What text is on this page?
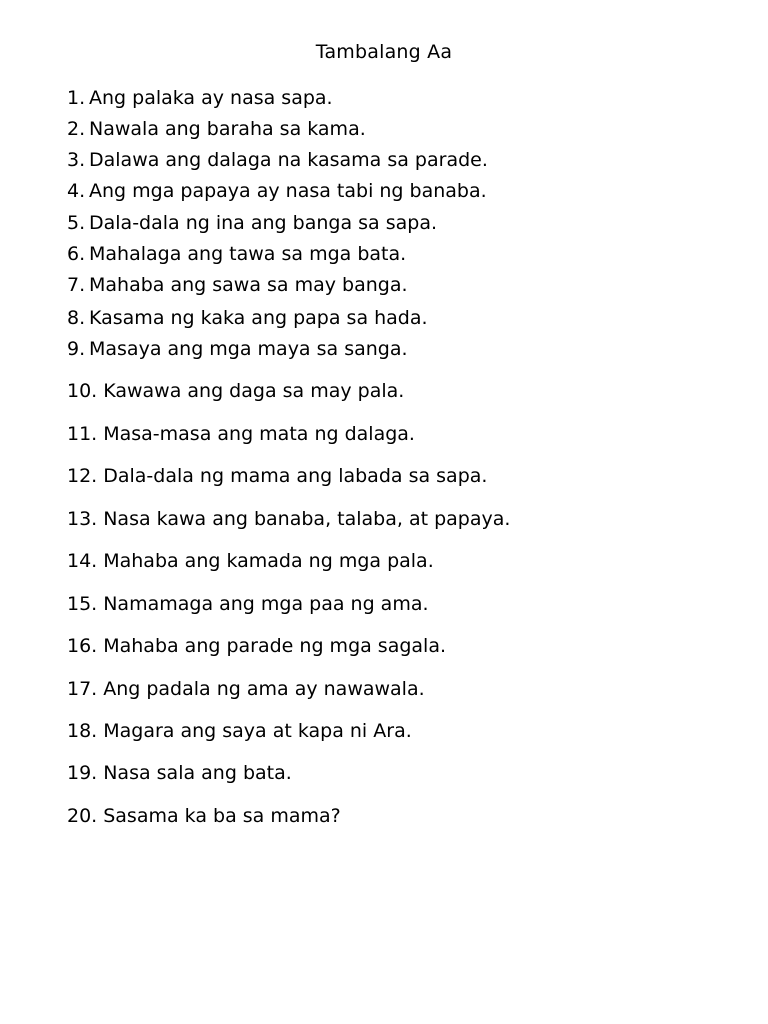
Tambalang Aa
1. Ang palaka ay nasa sapa.
2. Nawala ang baraha sa kama.
3. Dalawa ang dalaga na kasama sa parade.
4. Ang mga papaya ay nasa tabi ng banaba.
5. Dala-dala ng ina ang banga sa sapa.
6. Mahalaga ang tawa sa mga bata.
7. Mahaba ang sawa sa may banga.
8. Kasama ng kaka ang papa sa hada.
9. Masaya ang mga maya sa sanga.
10. Kawawa ang daga sa may pala.
11. Masa-masa ang mata ng dalaga.
12. Dala-dala ng mama ang labada sa sapa.
13. Nasa kawa ang banaba, talaba, at papaya.
14. Mahaba ang kamada ng mga pala.
15. Namamaga ang mga paa ng ama.
16. Mahaba ang parade ng mga sagala.
17. Ang padala ng ama ay nawawala.
18. Magara ang saya at kapa ni Ara.
19. Nasa sala ang bata.
20. Sasama ka ba sa mama?
